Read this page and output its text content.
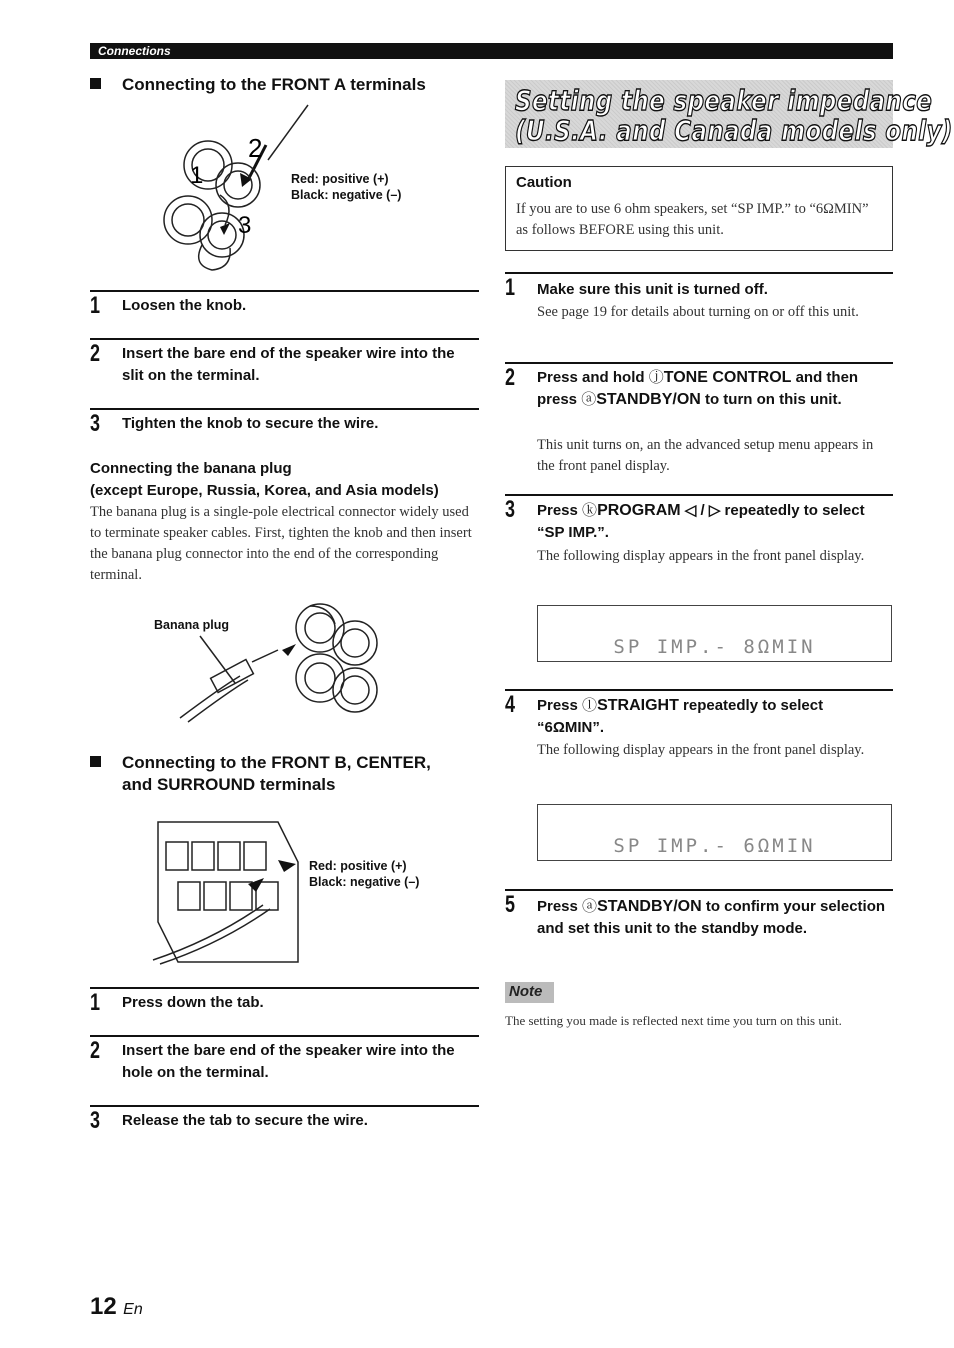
Connections
Connecting to the FRONT A terminals
2
1
3
Red: positive (+)
Black: negative (–)
1 Loosen the knob.
2 Insert the bare end of the speaker wire into the slit on the terminal.
3 Tighten the knob to secure the wire.
Connecting the banana plug
(except Europe, Russia, Korea, and Asia models)
The banana plug is a single-pole electrical connector widely used to terminate speaker cables. First, tighten the knob and then insert the banana plug connector into the end of the corresponding terminal.
Banana plug
Connecting to the FRONT B, CENTER,
and SURROUND terminals
Red: positive (+)
Black: negative (–)
1 Press down the tab.
2 Insert the bare end of the speaker wire into the hole on the terminal.
3 Release the tab to secure the wire.
Setting the speaker impedance
(U.S.A. and Canada models only)
Caution
If you are to use 6 ohm speakers, set “SP IMP.” to “6ΩMIN” as follows BEFORE using this unit.
1 Make sure this unit is turned off.
See page 19 for details about turning on or off this unit.
2 Press and hold ⓙTONE CONTROL and then press ⓐSTANDBY/ON to turn on this unit.
This unit turns on, an the advanced setup menu appears in the front panel display.
3 Press ⓚPROGRAM ◁ / ▷ repeatedly to select “SP IMP.”.
The following display appears in the front panel display.
SP IMP.- 8ΩMIN
4 Press ⓛSTRAIGHT repeatedly to select “6ΩMIN”.
The following display appears in the front panel display.
SP IMP.- 6ΩMIN
5 Press ⓐSTANDBY/ON to confirm your selection and set this unit to the standby mode.
Note
The setting you made is reflected next time you turn on this unit.
12 En
